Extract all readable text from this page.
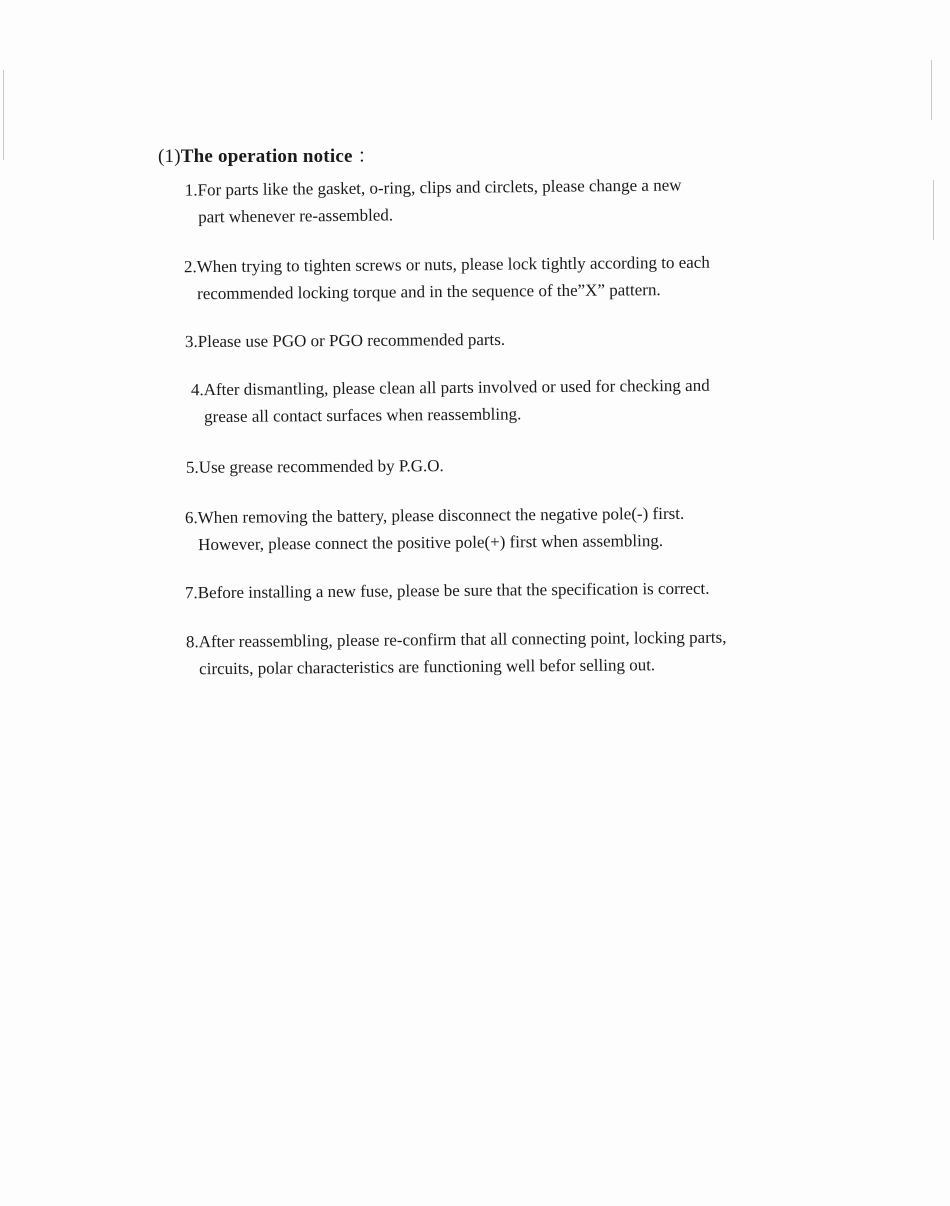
(1)The operation notice ：
1.For parts like the gasket, o-ring, clips and circlets, please change a new
part whenever re-assembled.
2.When trying to tighten screws or nuts, please lock tightly according to each
recommended locking torque and in the sequence of the”X” pattern.
3.Please use PGO or PGO recommended parts.
4.After dismantling, please clean all parts involved or used for checking and
grease all contact surfaces when reassembling.
5.Use grease recommended by P.G.O.
6.When removing the battery, please disconnect the negative pole(-) first.
However, please connect the positive pole(+) first when assembling.
7.Before installing a new fuse, please be sure that the specification is correct.
8.After reassembling, please re-confirm that all connecting point, locking parts,
circuits, polar characteristics are functioning well befor selling out.
